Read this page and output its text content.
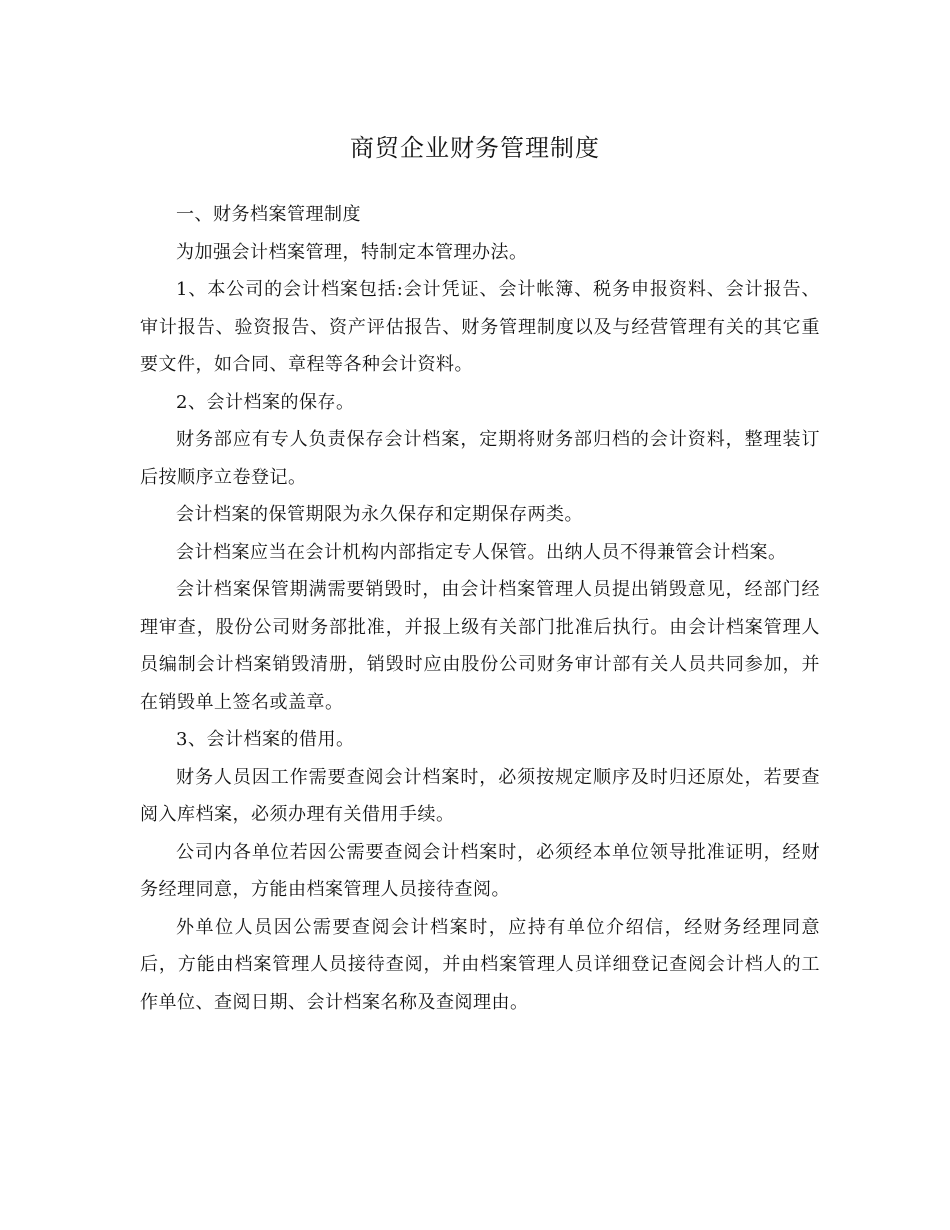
商贸企业财务管理制度

一、财务档案管理制度

为加强会计档案管理，特制定本管理办法。

1、本公司的会计档案包括:会计凭证、会计帐簿、税务申报资料、会计报告、审计报告、验资报告、资产评估报告、财务管理制度以及与经营管理有关的其它重要文件，如合同、章程等各种会计资料。

2、会计档案的保存。

财务部应有专人负责保存会计档案，定期将财务部归档的会计资料，整理装订后按顺序立卷登记。

会计档案的保管期限为永久保存和定期保存两类。

会计档案应当在会计机构内部指定专人保管。出纳人员不得兼管会计档案。

会计档案保管期满需要销毁时，由会计档案管理人员提出销毁意见，经部门经理审查，股份公司财务部批准，并报上级有关部门批准后执行。由会计档案管理人员编制会计档案销毁清册，销毁时应由股份公司财务审计部有关人员共同参加，并在销毁单上签名或盖章。

3、会计档案的借用。

财务人员因工作需要查阅会计档案时，必须按规定顺序及时归还原处，若要查阅入库档案，必须办理有关借用手续。

公司内各单位若因公需要查阅会计档案时，必须经本单位领导批准证明，经财务经理同意，方能由档案管理人员接待查阅。

外单位人员因公需要查阅会计档案时，应持有单位介绍信，经财务经理同意后，方能由档案管理人员接待查阅，并由档案管理人员详细登记查阅会计档人的工作单位、查阅日期、会计档案名称及查阅理由。
